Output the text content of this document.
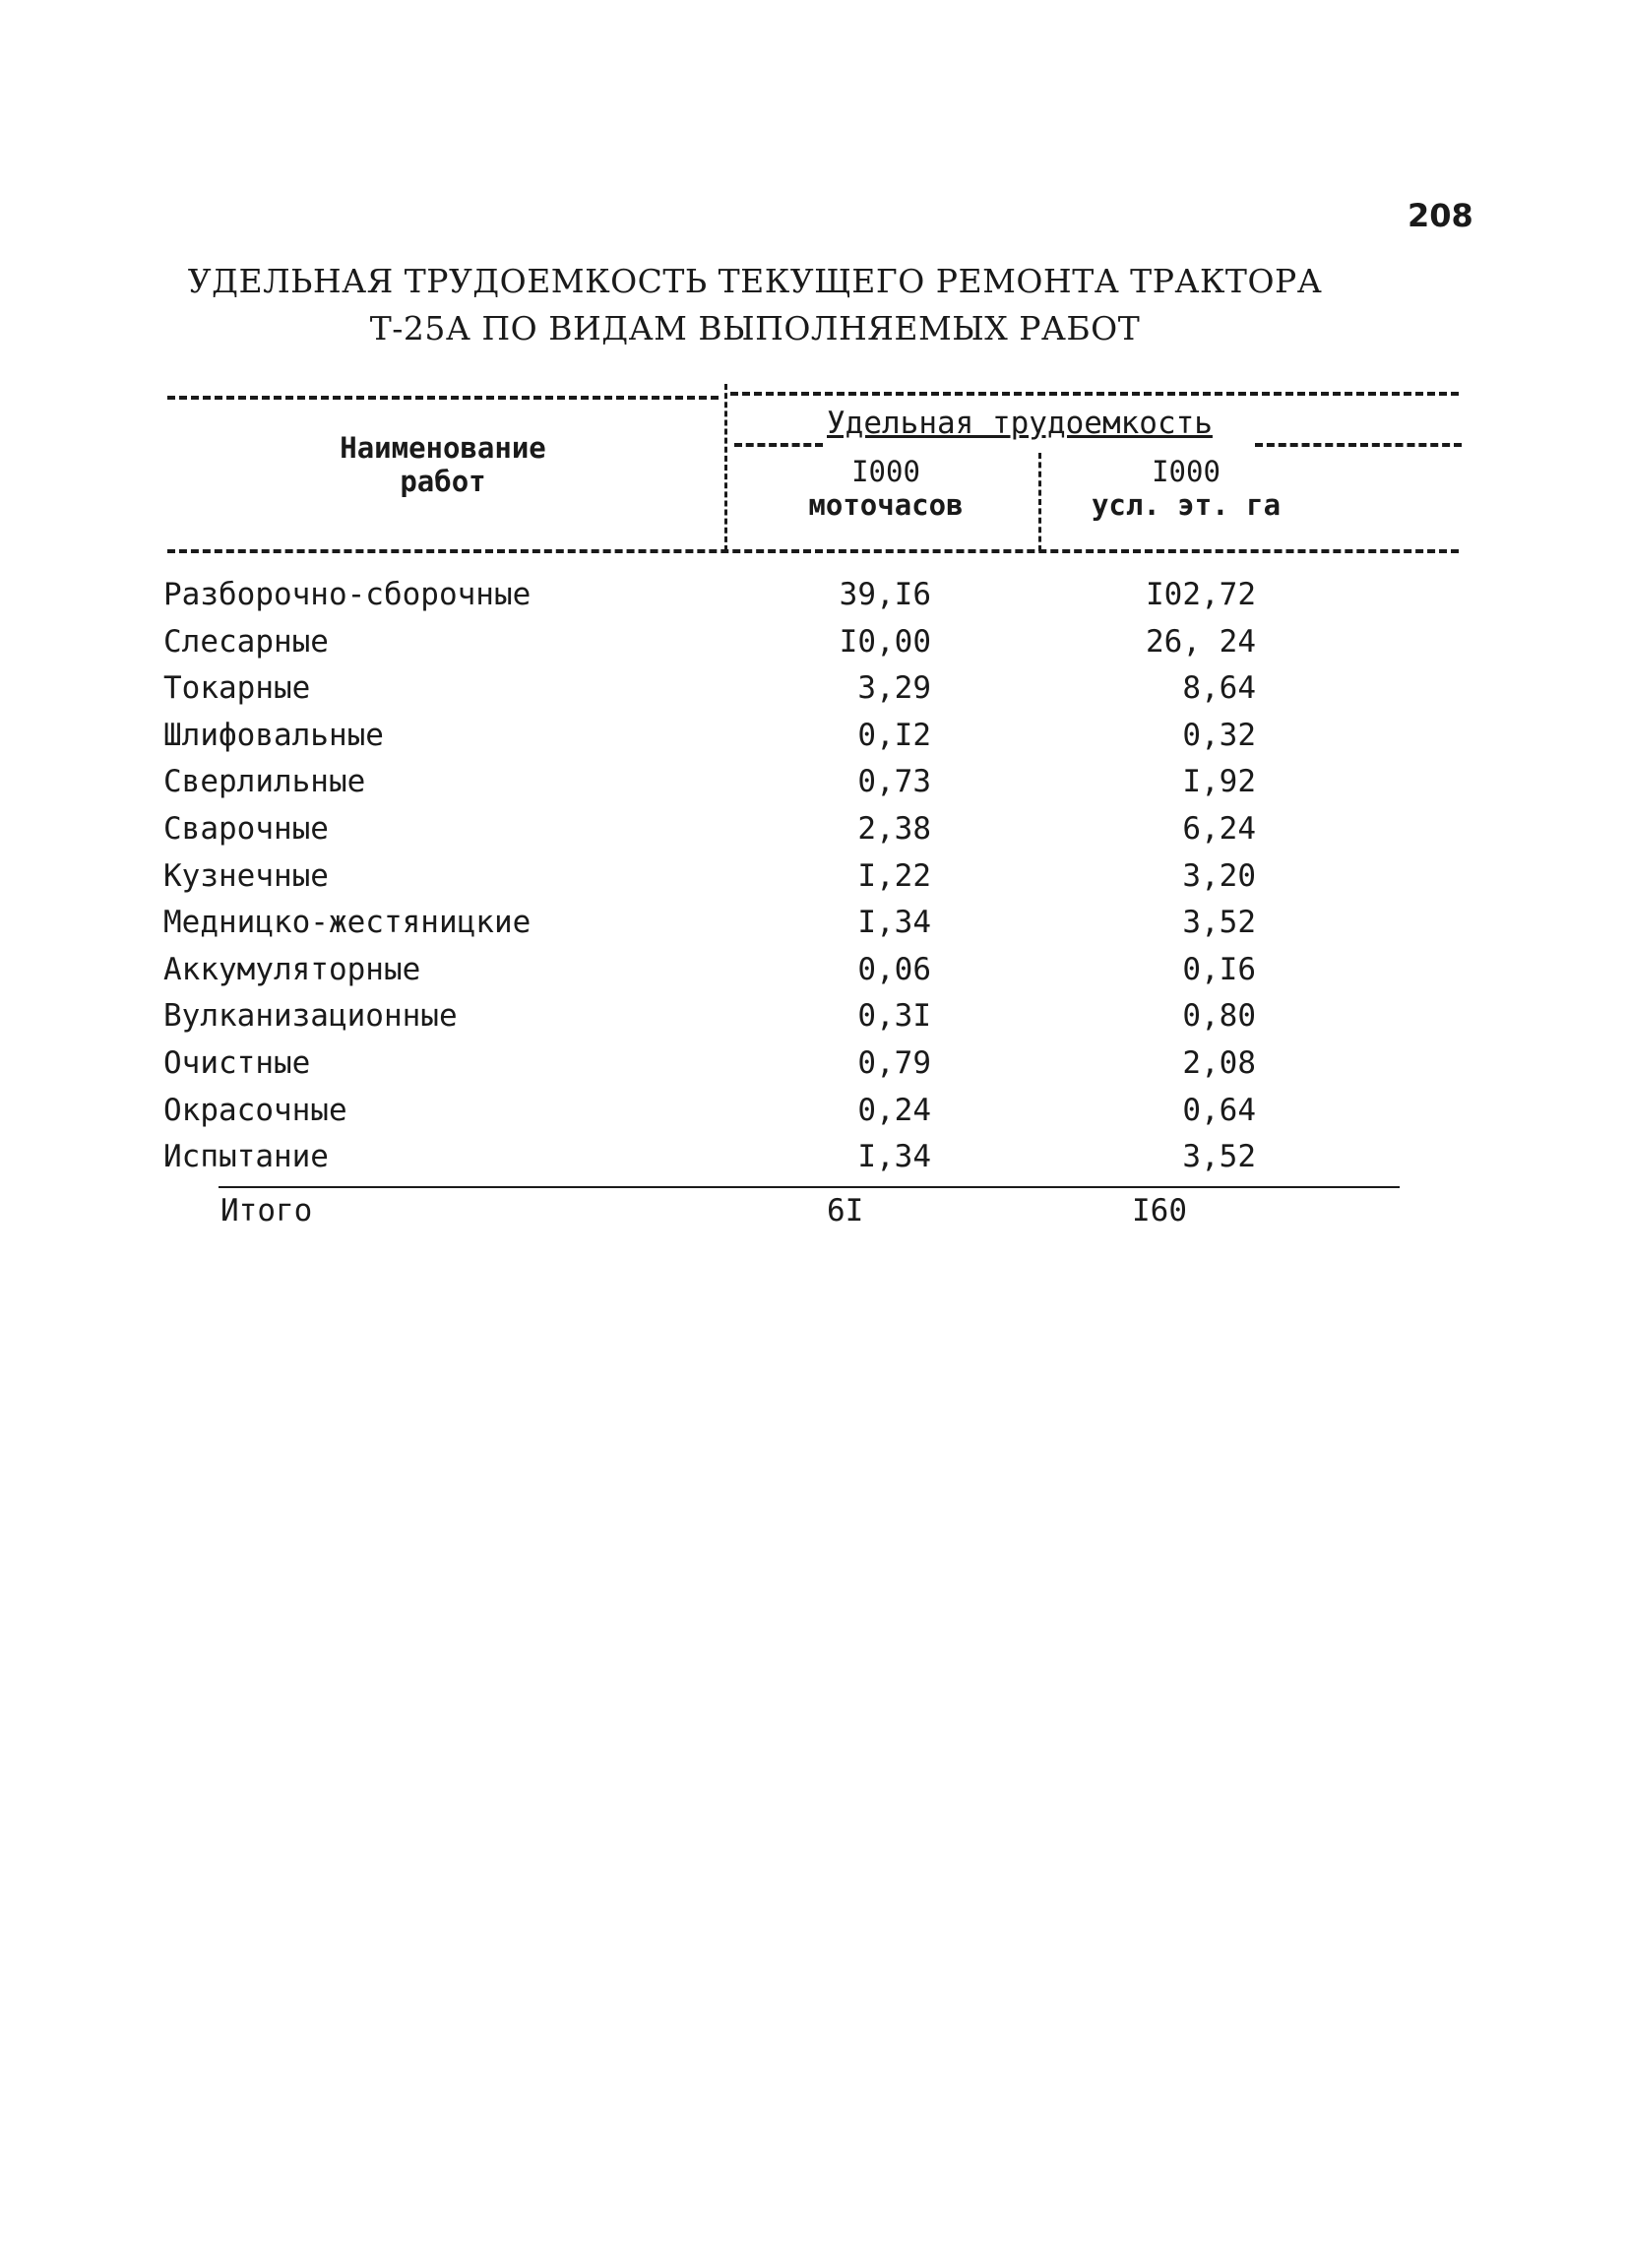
208
УДЕЛЬНАЯ ТРУДОЕМКОСТЬ ТЕКУЩЕГО РЕМОНТА ТРАКТОРА
Т-25А ПО ВИДАМ ВЫПОЛНЯЕМЫХ РАБОТ
Наименование работ
Удельная трудоемкость
I000
моточасов
I000
усл. эт. га
Разборочно-сборочные	39,I6	I02,72
Слесарные	I0,00	26, 24
Токарные	3,29	8,64
Шлифовальные	0,I2	0,32
Сверлильные	0,73	I,92
Сварочные	2,38	6,24
Кузнечные	I,22	3,20
Медницко-жестяницкие	I,34	3,52
Аккумуляторные	0,06	0,I6
Вулканизационные	0,3I	0,80
Очистные	0,79	2,08
Окрасочные	0,24	0,64
Испытание	I,34	3,52
Итого	6I	I60
